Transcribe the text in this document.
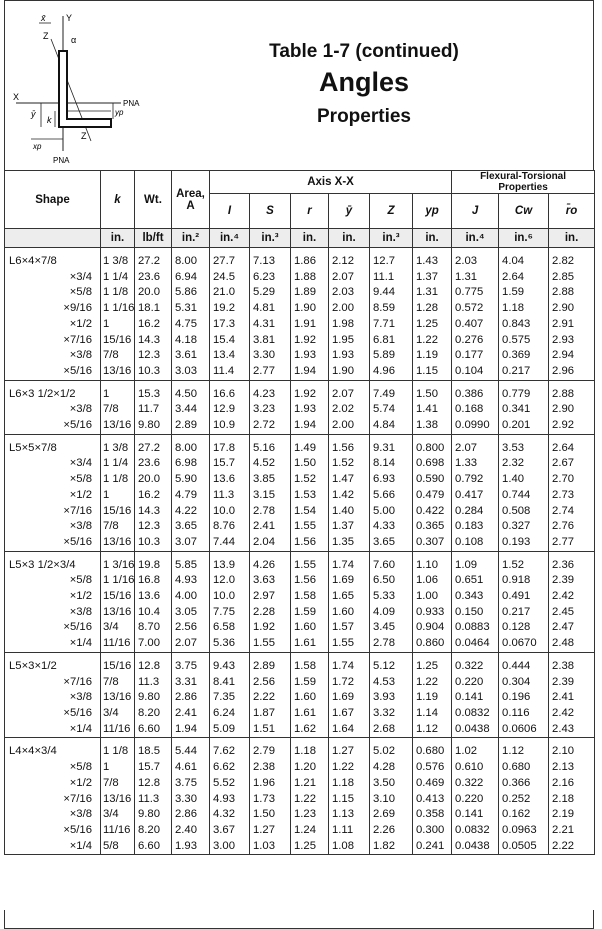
x̄ Y
Z	α
X
ȳ
k
yp
PNA
Z
xp
PNA
Table 1-7 (continued)
Angles
Properties
Shape	k	Wt.	Area, A	Axis X-X						Flexural-Torsional Properties		
				I	S	r	ȳ	Z	yp	J	Cw	r̄o
	in.	lb/ft	in.²	in.⁴	in.³	in.	in.	in.³	in.	in.⁴	in.⁶	in.

L6×4×7/8	1 3/8	27.2	8.00	27.7	7.13	1.86	2.12	12.7	1.43	2.03	4.04	2.82
×3/4	1 1/4	23.6	6.94	24.5	6.23	1.88	2.07	11.1	1.37	1.31	2.64	2.85
×5/8	1 1/8	20.0	5.86	21.0	5.29	1.89	2.03	9.44	1.31	0.775	1.59	2.88
×9/16	1 1/16	18.1	5.31	19.2	4.81	1.90	2.00	8.59	1.28	0.572	1.18	2.90
×1/2	1	16.2	4.75	17.3	4.31	1.91	1.98	7.71	1.25	0.407	0.843	2.91
×7/16	15/16	14.3	4.18	15.4	3.81	1.92	1.95	6.81	1.22	0.276	0.575	2.93
×3/8	7/8	12.3	3.61	13.4	3.30	1.93	1.93	5.89	1.19	0.177	0.369	2.94
×5/16	13/16	10.3	3.03	11.4	2.77	1.94	1.90	4.96	1.15	0.104	0.217	2.96

L6×3 1/2×1/2	1	15.3	4.50	16.6	4.23	1.92	2.07	7.49	1.50	0.386	0.779	2.88
×3/8	7/8	11.7	3.44	12.9	3.23	1.93	2.02	5.74	1.41	0.168	0.341	2.90
×5/16	13/16	9.80	2.89	10.9	2.72	1.94	2.00	4.84	1.38	0.0990	0.201	2.92

L5×5×7/8	1 3/8	27.2	8.00	17.8	5.16	1.49	1.56	9.31	0.800	2.07	3.53	2.64
×3/4	1 1/4	23.6	6.98	15.7	4.52	1.50	1.52	8.14	0.698	1.33	2.32	2.67
×5/8	1 1/8	20.0	5.90	13.6	3.85	1.52	1.47	6.93	0.590	0.792	1.40	2.70
×1/2	1	16.2	4.79	11.3	3.15	1.53	1.42	5.66	0.479	0.417	0.744	2.73
×7/16	15/16	14.3	4.22	10.0	2.78	1.54	1.40	5.00	0.422	0.284	0.508	2.74
×3/8	7/8	12.3	3.65	8.76	2.41	1.55	1.37	4.33	0.365	0.183	0.327	2.76
×5/16	13/16	10.3	3.07	7.44	2.04	1.56	1.35	3.65	0.307	0.108	0.193	2.77

L5×3 1/2×3/4	1 3/16	19.8	5.85	13.9	4.26	1.55	1.74	7.60	1.10	1.09	1.52	2.36
×5/8	1 1/16	16.8	4.93	12.0	3.63	1.56	1.69	6.50	1.06	0.651	0.918	2.39
×1/2	15/16	13.6	4.00	10.0	2.97	1.58	1.65	5.33	1.00	0.343	0.491	2.42
×3/8	13/16	10.4	3.05	7.75	2.28	1.59	1.60	4.09	0.933	0.150	0.217	2.45
×5/16	3/4	8.70	2.56	6.58	1.92	1.60	1.57	3.45	0.904	0.0883	0.128	2.47
×1/4	11/16	7.00	2.07	5.36	1.55	1.61	1.55	2.78	0.860	0.0464	0.0670	2.48

L5×3×1/2	15/16	12.8	3.75	9.43	2.89	1.58	1.74	5.12	1.25	0.322	0.444	2.38
×7/16	7/8	11.3	3.31	8.41	2.56	1.59	1.72	4.53	1.22	0.220	0.304	2.39
×3/8	13/16	9.80	2.86	7.35	2.22	1.60	1.69	3.93	1.19	0.141	0.196	2.41
×5/16	3/4	8.20	2.41	6.24	1.87	1.61	1.67	3.32	1.14	0.0832	0.116	2.42
×1/4	11/16	6.60	1.94	5.09	1.51	1.62	1.64	2.68	1.12	0.0438	0.0606	2.43

L4×4×3/4	1 1/8	18.5	5.44	7.62	2.79	1.18	1.27	5.02	0.680	1.02	1.12	2.10
×5/8	1	15.7	4.61	6.62	2.38	1.20	1.22	4.28	0.576	0.610	0.680	2.13
×1/2	7/8	12.8	3.75	5.52	1.96	1.21	1.18	3.50	0.469	0.322	0.366	2.16
×7/16	13/16	11.3	3.30	4.93	1.73	1.22	1.15	3.10	0.413	0.220	0.252	2.18
×3/8	3/4	9.80	2.86	4.32	1.50	1.23	1.13	2.69	0.358	0.141	0.162	2.19
×5/16	11/16	8.20	2.40	3.67	1.27	1.24	1.11	2.26	0.300	0.0832	0.0963	2.21
×1/4	5/8	6.60	1.93	3.00	1.03	1.25	1.08	1.82	0.241	0.0438	0.0505	2.22
